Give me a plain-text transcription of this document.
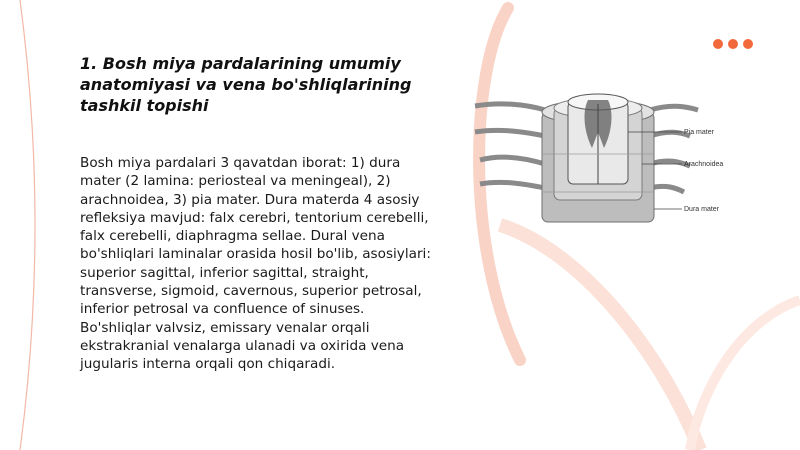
1. Bosh miya pardalarining umumiy anatomiyasi va vena bo'shliqlarining tashkil topishi

Bosh miya pardalari 3 qavatdan iborat: 1) dura mater (2 lamina: periosteal va meningeal), 2) arachnoidea, 3) pia mater. Dura materda 4 asosiy refleksiya mavjud: falx cerebri, tentorium cerebelli, falx cerebelli, diaphragma sellae. Dural vena bo'shliqlari laminalar orasida hosil bo'lib, asosiylari: superior sagittal, inferior sagittal, straight, transverse, sigmoid, cavernous, superior petrosal, inferior petrosal va confluence of sinuses. Bo'shliqlar valvsiz, emissary venalar orqali ekstrakranial venalarga ulanadi va oxirida vena jugularis interna orqali qon chiqaradi.

Pia mater
Arachnoidea
Dura mater
